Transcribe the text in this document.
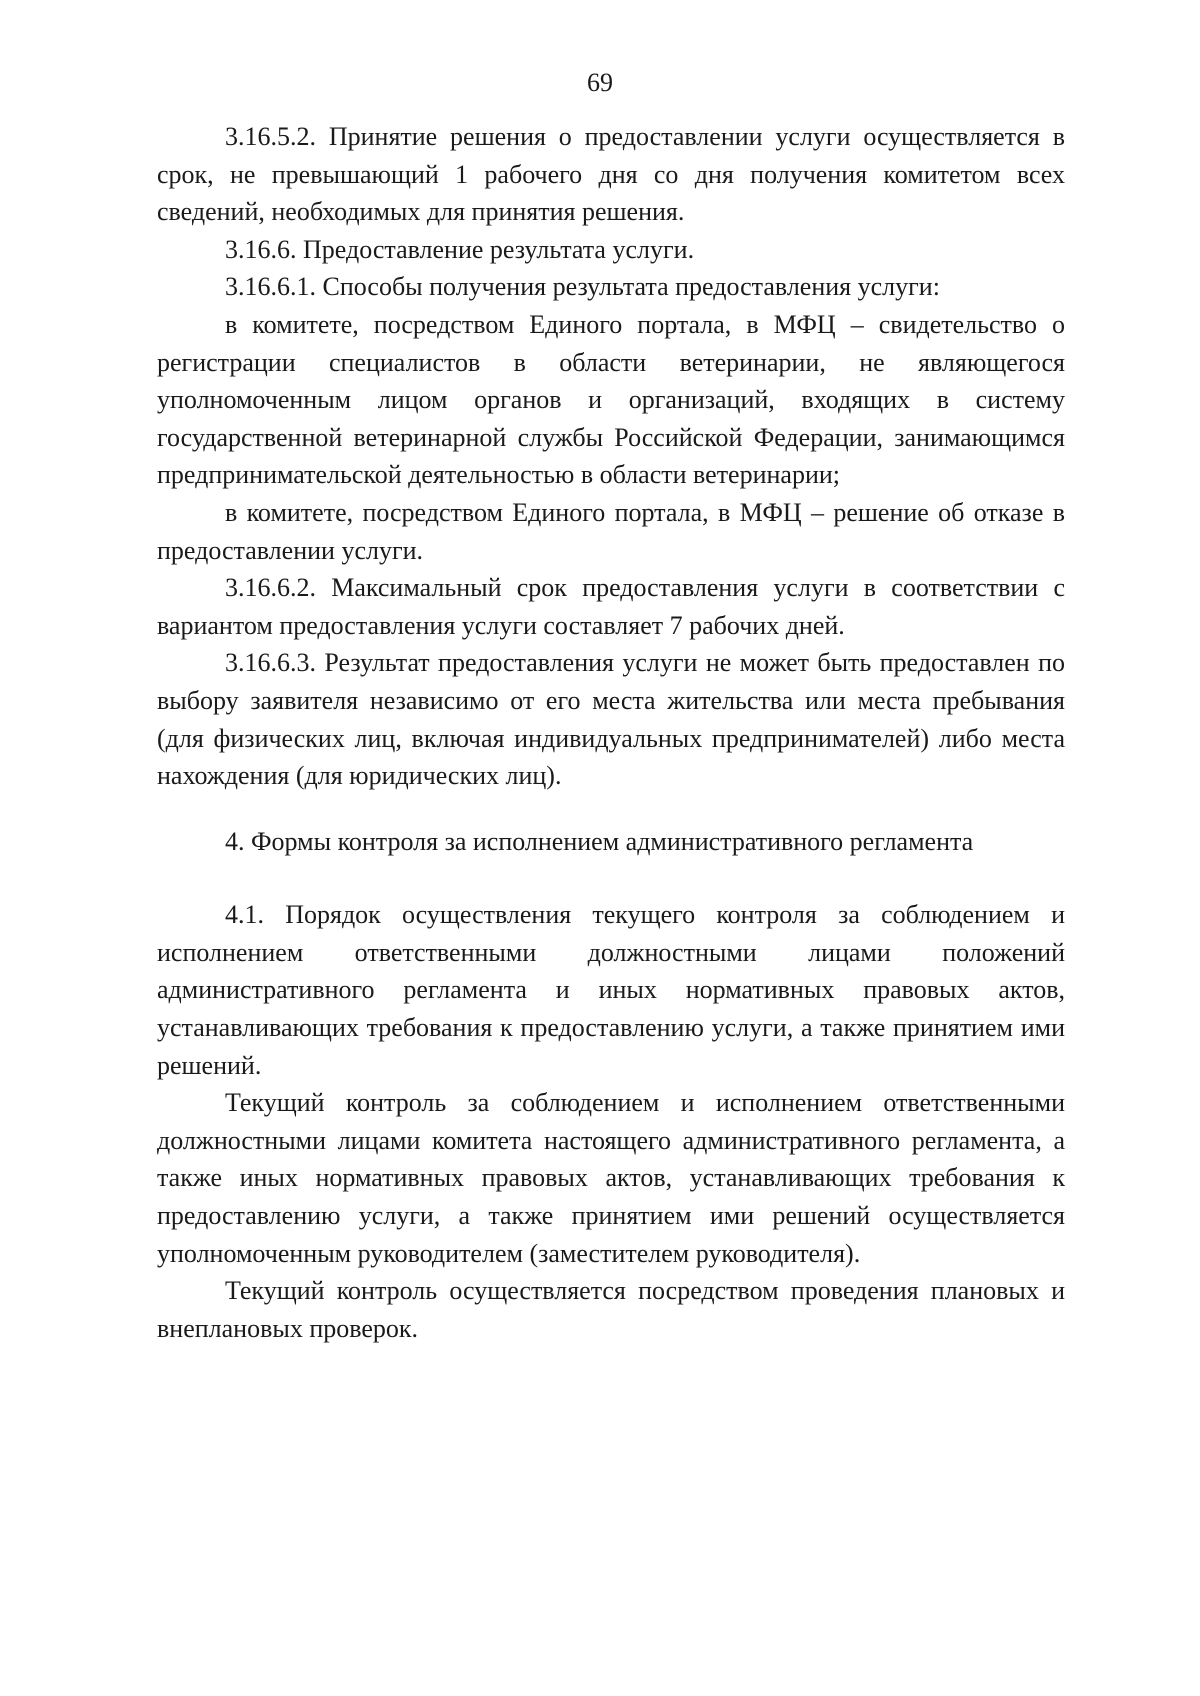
69

3.16.5.2. Принятие решения о предоставлении услуги осуществляется в срок, не превышающий 1 рабочего дня со дня получения комитетом всех сведений, необходимых для принятия решения.

3.16.6. Предоставление результата услуги.

3.16.6.1. Способы получения результата предоставления услуги:

в комитете, посредством Единого портала, в МФЦ – свидетельство о регистрации специалистов в области ветеринарии, не являющегося уполномоченным лицом органов и организаций, входящих в систему государственной ветеринарной службы Российской Федерации, занимающимся предпринимательской деятельностью в области ветеринарии;

в комитете, посредством Единого портала, в МФЦ – решение об отказе в предоставлении услуги.

3.16.6.2. Максимальный срок предоставления услуги в соответствии с вариантом предоставления услуги составляет 7 рабочих дней.

3.16.6.3. Результат предоставления услуги не может быть предоставлен по выбору заявителя независимо от его места жительства или места пребывания (для физических лиц, включая индивидуальных предпринимателей) либо места нахождения (для юридических лиц).

4. Формы контроля за исполнением административного регламента

4.1. Порядок осуществления текущего контроля за соблюдением и исполнением ответственными должностными лицами положений административного регламента и иных нормативных правовых актов, устанавливающих требования к предоставлению услуги, а также принятием ими решений.

Текущий контроль за соблюдением и исполнением ответственными должностными лицами комитета настоящего административного регламента, а также иных нормативных правовых актов, устанавливающих требования к предоставлению услуги, а также принятием ими решений осуществляется уполномоченным руководителем (заместителем руководителя).

Текущий контроль осуществляется посредством проведения плановых и внеплановых проверок.
